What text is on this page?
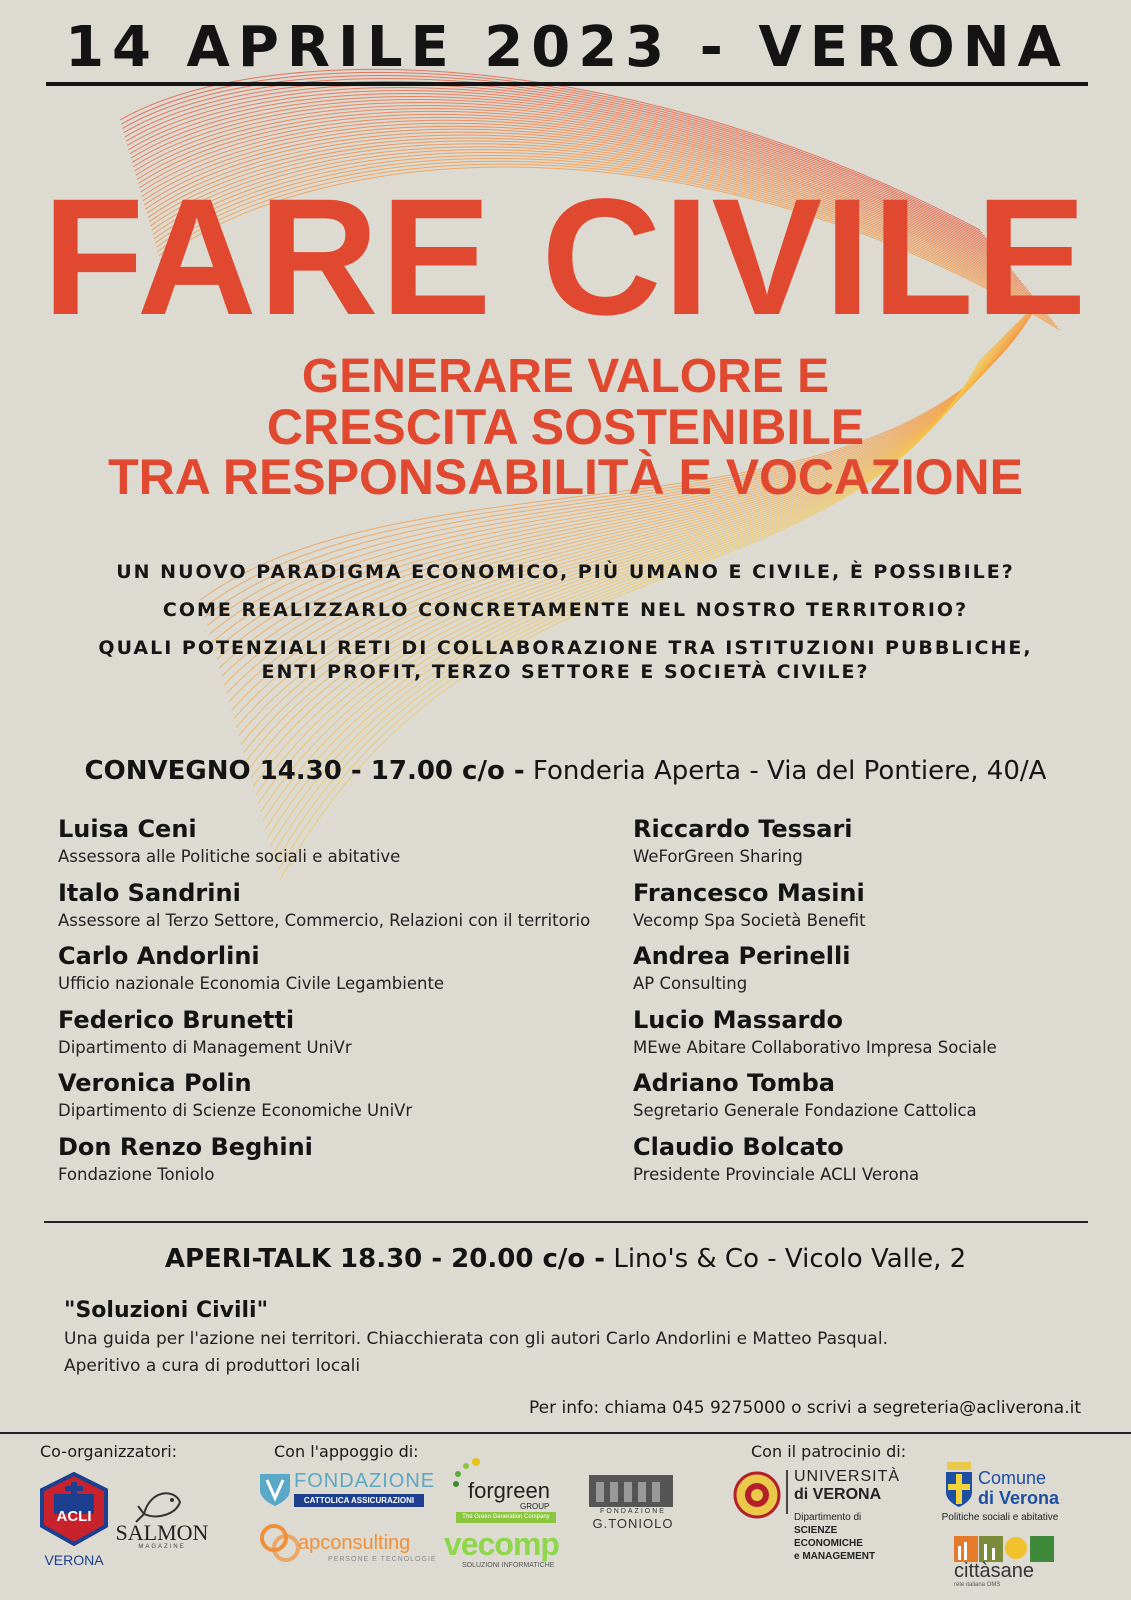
14 APRILE 2023 - VERONA
FARE CIVILE
GENERARE VALORE E
CRESCITA SOSTENIBILE
TRA RESPONSABILITÀ E VOCAZIONE
UN NUOVO PARADIGMA ECONOMICO, PIÙ UMANO E CIVILE, È POSSIBILE?
COME REALIZZARLO CONCRETAMENTE NEL NOSTRO TERRITORIO?
QUALI POTENZIALI RETI DI COLLABORAZIONE TRA ISTITUZIONI PUBBLICHE,
ENTI PROFIT, TERZO SETTORE E SOCIETÀ CIVILE?
CONVEGNO 14.30 - 17.00 c/o - Fonderia Aperta - Via del Pontiere, 40/A
Luisa Ceni
Assessora alle Politiche sociali e abitative
Italo Sandrini
Assessore al Terzo Settore, Commercio, Relazioni con il territorio
Carlo Andorlini
Ufficio nazionale Economia Civile Legambiente
Federico Brunetti
Dipartimento di Management UniVr
Veronica Polin
Dipartimento di Scienze Economiche UniVr
Don Renzo Beghini
Fondazione Toniolo
Riccardo Tessari
WeForGreen Sharing
Francesco Masini
Vecomp Spa Società Benefit
Andrea Perinelli
AP Consulting
Lucio Massardo
MEwe Abitare Collaborativo Impresa Sociale
Adriano Tomba
Segretario Generale Fondazione Cattolica
Claudio Bolcato
Presidente Provinciale ACLI Verona
APERI-TALK 18.30 - 20.00 c/o - Lino's & Co - Vicolo Valle, 2
"Soluzioni Civili"
Una guida per l'azione nei territori. Chiacchierata con gli autori Carlo Andorlini e Matteo Pasqual.
Aperitivo a cura di produttori locali
Per info: chiama 045 9275000 o scrivi a segreteria@acliverona.it
Co-organizzatori:	Con l'appoggio di:	Con il patrocinio di:
ACLI
VERONA
SALMON
MAGAZINE
FONDAZIONE
CATTOLICA ASSICURAZIONI	forgreen
GROUP
The Green Generation Company
FONDAZIONE
G.TONIOLO
apconsulting
PERSONE E TECNOLOGIE vecomp
SOLUZIONI INFORMATICHE
UNIVERSITÀ
di VERONA
Dipartimento di
SCIENZE
ECONOMICHE
e MANAGEMENT
Comune
di Verona
Politiche sociali e abitative
cittàsane
rete italiana OMS
